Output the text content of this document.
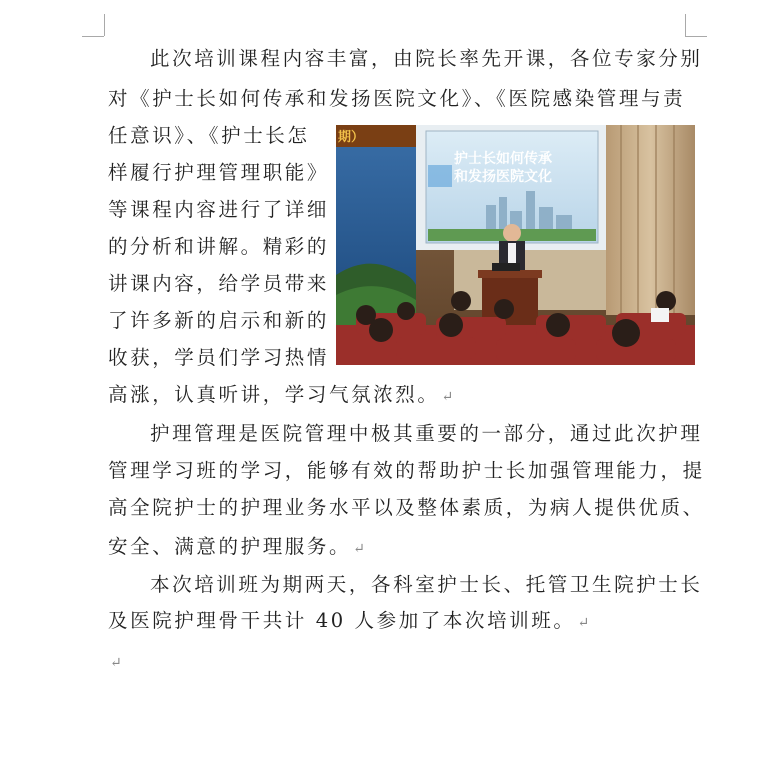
此次培训课程内容丰富，由院长率先开课，各位专家分别
对《护士长如何传承和发扬医院文化》、《医院感染管理与责
任意识》、《护士长怎
样履行护理管理职能》
等课程内容进行了详细
的分析和讲解。精彩的
讲课内容，给学员带来
了许多新的启示和新的
收获，学员们学习热情
高涨，认真听讲，学习气氛浓烈。 ↵
期）
护士长如何传承
和发扬医院文化
护理管理是医院管理中极其重要的一部分，通过此次护理
管理学习班的学习，能够有效的帮助护士长加强管理能力，提
高全院护士的护理业务水平以及整体素质，为病人提供优质、
安全、满意的护理服务。 ↵
本次培训班为期两天，各科室护士长、托管卫生院护士长
及医院护理骨干共计 40 人参加了本次培训班。 ↵
↵
